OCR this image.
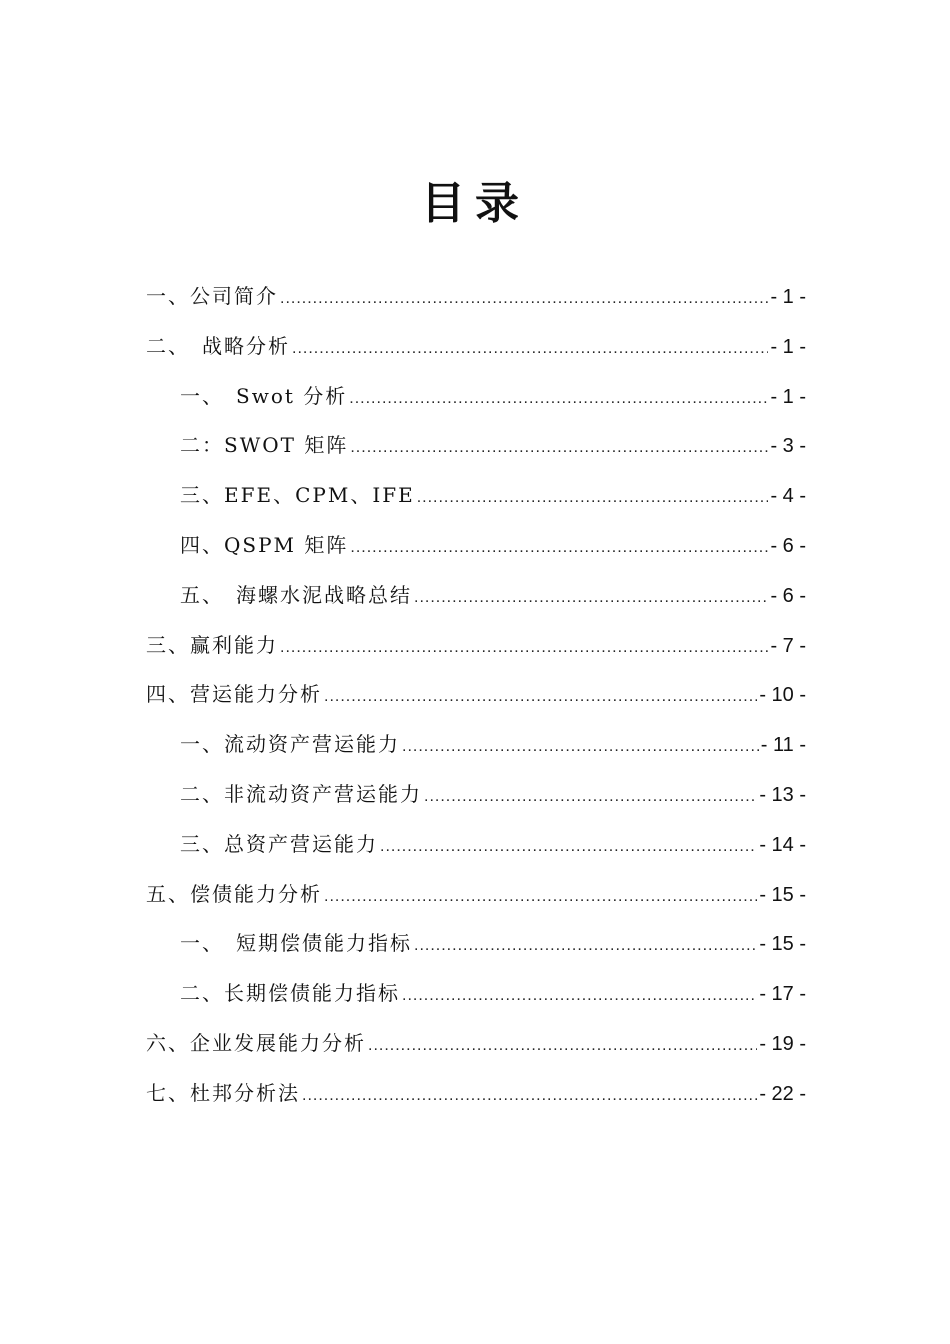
目录
一、公司简介 .....	- 1 -
二、　战略分析 .....	- 1 -
一、　Swot 分析 .....	- 1 -
二：SWOT 矩阵 .....	- 3 -
三、EFE、CPM、IFE .....	- 4 -
四、QSPM 矩阵 .....	- 6 -
五、　海螺水泥战略总结 .....	- 6 -
三、赢利能力 .....	- 7 -
四、营运能力分析 .....	- 10 -
一、流动资产营运能力 .....	- 11 -
二、非流动资产营运能力 .....	- 13 -
三、总资产营运能力 .....	- 14 -
五、偿债能力分析 .....	- 15 -
一、　短期偿债能力指标 .....	- 15 -
二、长期偿债能力指标 .....	- 17 -
六、企业发展能力分析 .....	- 19 -
七、杜邦分析法 .....	- 22 -
